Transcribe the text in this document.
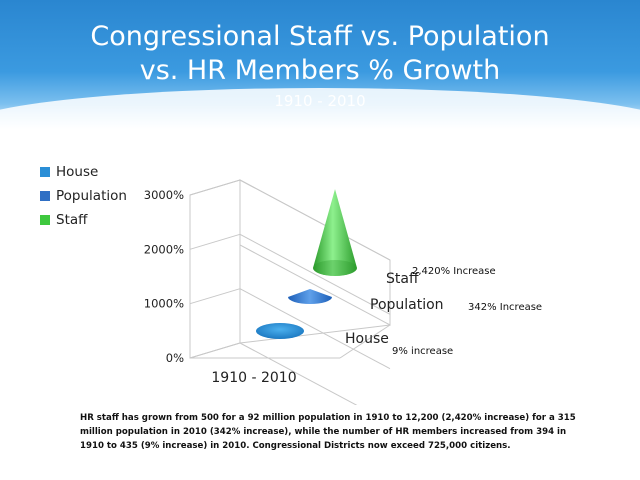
Congressional Staff vs. Population
vs. HR Members % Growth
1910 - 2010
House
Population
Staff
0%
1000%
2000%
3000%
1910 - 2010
House
Population
Staff
9% increase
342% Increase
2,420% Increase
HR staff has grown from 500 for a 92 million population in 1910 to 12,200 (2,420% increase) for a 315 million population in 2010 (342% increase), while the number of HR members increased from 394 in 1910 to 435 (9% increase) in 2010. Congressional Districts now exceed 725,000 citizens.
